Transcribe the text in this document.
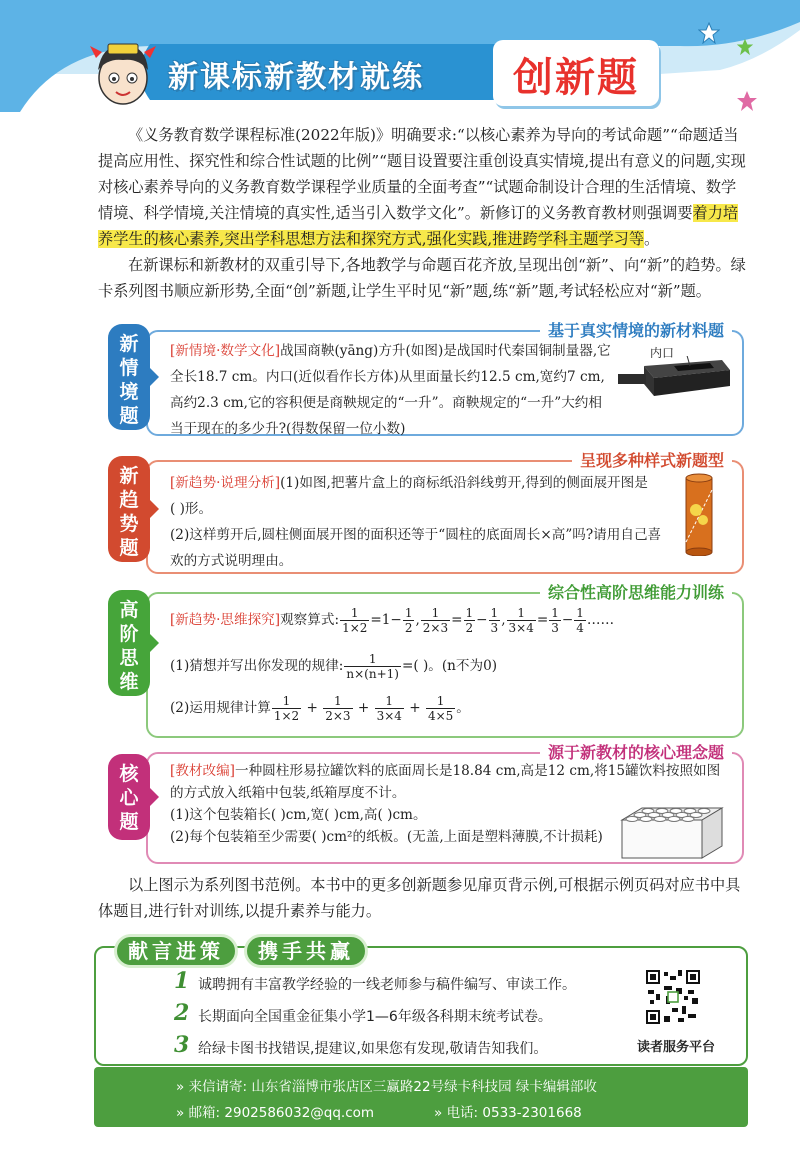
新课标新教材就练	创新题
《义务教育数学课程标准(2022年版)》明确要求:“以核心素养为导向的考试命题”“命题适当提高应用性、探究性和综合性试题的比例”“题目设置要注重创设真实情境,提出有意义的问题,实现对核心素养导向的义务教育数学课程学业质量的全面考查”“试题命制设计合理的生活情境、数学情境、科学情境,关注情境的真实性,适当引入数学文化”。新修订的义务教育教材则强调要着力培养学生的核心素养,突出学科思想方法和探究方式,强化实践,推进跨学科主题学习等。
在新课标和新教材的双重引导下,各地教学与命题百花齐放,呈现出创“新”、向“新”的趋势。绿卡系列图书顺应新形势,全面“创”新题,让学生平时见“新”题,练“新”题,考试轻松应对“新”题。
基于真实情境的新材料题
新
情
境
题
[新情境·数学文化]战国商鞅(yāng)方升(如图)是战国时代秦国铜制量器,它全长18.7 cm。内口(近似看作长方体)从里面量长约12.5 cm,宽约7 cm,高约2.3 cm,它的容积便是商鞅规定的“一升”。商鞅规定的“一升”大约相当于现在的多少升?(得数保留一位小数)
内口
呈现多种样式新题型
新
趋
势
题
[新趋势·说理分析](1)如图,把薯片盒上的商标纸沿斜线剪开,得到的侧面展开图是
( )形。
(2)这样剪开后,圆柱侧面展开图的面积还等于“圆柱的底面周长×高”吗?请用自己喜欢的方式说明理由。
综合性高阶思维能力训练
高
阶
思
维
[新趋势·思维探究]观察算式: $\frac{1}{1\times 2} =1- \frac{1}{2}$ , $\frac{1}{2\times 3} = \frac{1}{2} - \frac{1}{3}$ , $\frac{1}{3\times 4} = \frac{1}{3} - \frac{1}{4}$ ……
(1)猜想并写出你发现的规律: $\frac{1}{n\times(n+1)}$ =( )。(n不为0)
(2)运用规律计算 $\frac{1}{1\times 2} + \frac{1}{2\times 3} + \frac{1}{3\times 4} + \frac{1}{4\times 5}$ 。
源于新教材的核心理念题
核
心
题
[教材改编]一种圆柱形易拉罐饮料的底面周长是18.84 cm,高是12 cm,将15罐饮料按照如图的方式放入纸箱中包装,纸箱厚度不计。
(1)这个包装箱长( )cm,宽( )cm,高( )cm。
(2)每个包装箱至少需要( )cm²的纸板。(无盖,上面是塑料薄膜,不计损耗)
以上图示为系列图书范例。本书中的更多创新题参见扉页背示例,可根据示例页码对应书中具体题目,进行针对训练,以提升素养与能力。
献言进策	携手共赢
1 诚聘拥有丰富教学经验的一线老师参与稿件编写、审读工作。
2 长期面向全国重金征集小学1—6年级各科期末统考试卷。
3 给绿卡图书找错误,提建议,如果您有发现,敬请告知我们。	读者服务平台
» 来信请寄: 山东省淄博市张店区三赢路22号绿卡科技园 绿卡编辑部收
» 邮箱: 2902586032@qq.com	» 电话: 0533-2301668
